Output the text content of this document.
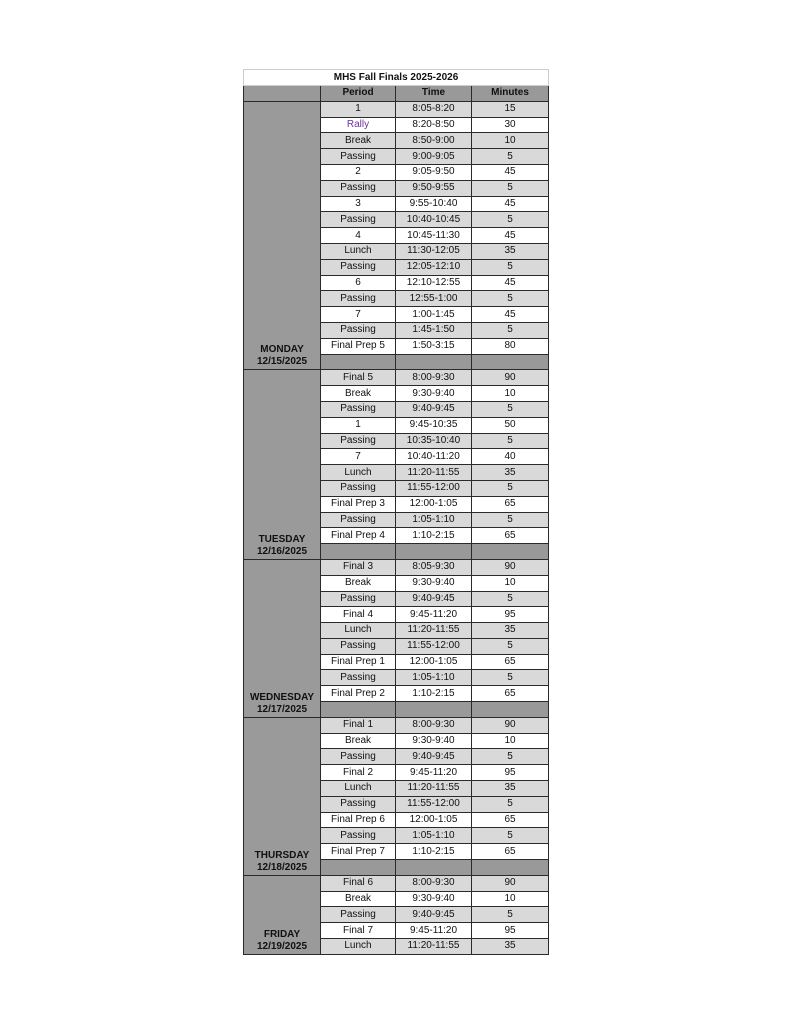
MHS Fall Finals 2025-2026			
	Period	Time	Minutes

MONDAY
12/15/2025	1	8:05-8:20	15
	Rally	8:20-8:50	30
	Break	8:50-9:00	10
	Passing	9:00-9:05	5
	2	9:05-9:50	45
	Passing	9:50-9:55	5
	3	9:55-10:40	45
	Passing	10:40-10:45	5
	4	10:45-11:30	45
	Lunch	11:30-12:05	35
	Passing	12:05-12:10	5
	6	12:10-12:55	45
	Passing	12:55-1:00	5
	7	1:00-1:45	45
	Passing	1:45-1:50	5
	Final Prep 5	1:50-3:15	80

TUESDAY
12/16/2025	Final 5	8:00-9:30	90
	Break	9:30-9:40	10
	Passing	9:40-9:45	5
	1	9:45-10:35	50
	Passing	10:35-10:40	5
	7	10:40-11:20	40
	Lunch	11:20-11:55	35
	Passing	11:55-12:00	5
	Final Prep 3	12:00-1:05	65
	Passing	1:05-1:10	5
	Final Prep 4	1:10-2:15	65

WEDNESDAY
12/17/2025	Final 3	8:05-9:30	90
	Break	9:30-9:40	10
	Passing	9:40-9:45	5
	Final 4	9:45-11:20	95
	Lunch	11:20-11:55	35
	Passing	11:55-12:00	5
	Final Prep 1	12:00-1:05	65
	Passing	1:05-1:10	5
	Final Prep 2	1:10-2:15	65

THURSDAY
12/18/2025	Final 1	8:00-9:30	90
	Break	9:30-9:40	10
	Passing	9:40-9:45	5
	Final 2	9:45-11:20	95
	Lunch	11:20-11:55	35
	Passing	11:55-12:00	5
	Final Prep 6	12:00-1:05	65
	Passing	1:05-1:10	5
	Final Prep 7	1:10-2:15	65

FRIDAY
12/19/2025	Final 6	8:00-9:30	90
	Break	9:30-9:40	10
	Passing	9:40-9:45	5
	Final 7	9:45-11:20	95
	Lunch	11:20-11:55	35
